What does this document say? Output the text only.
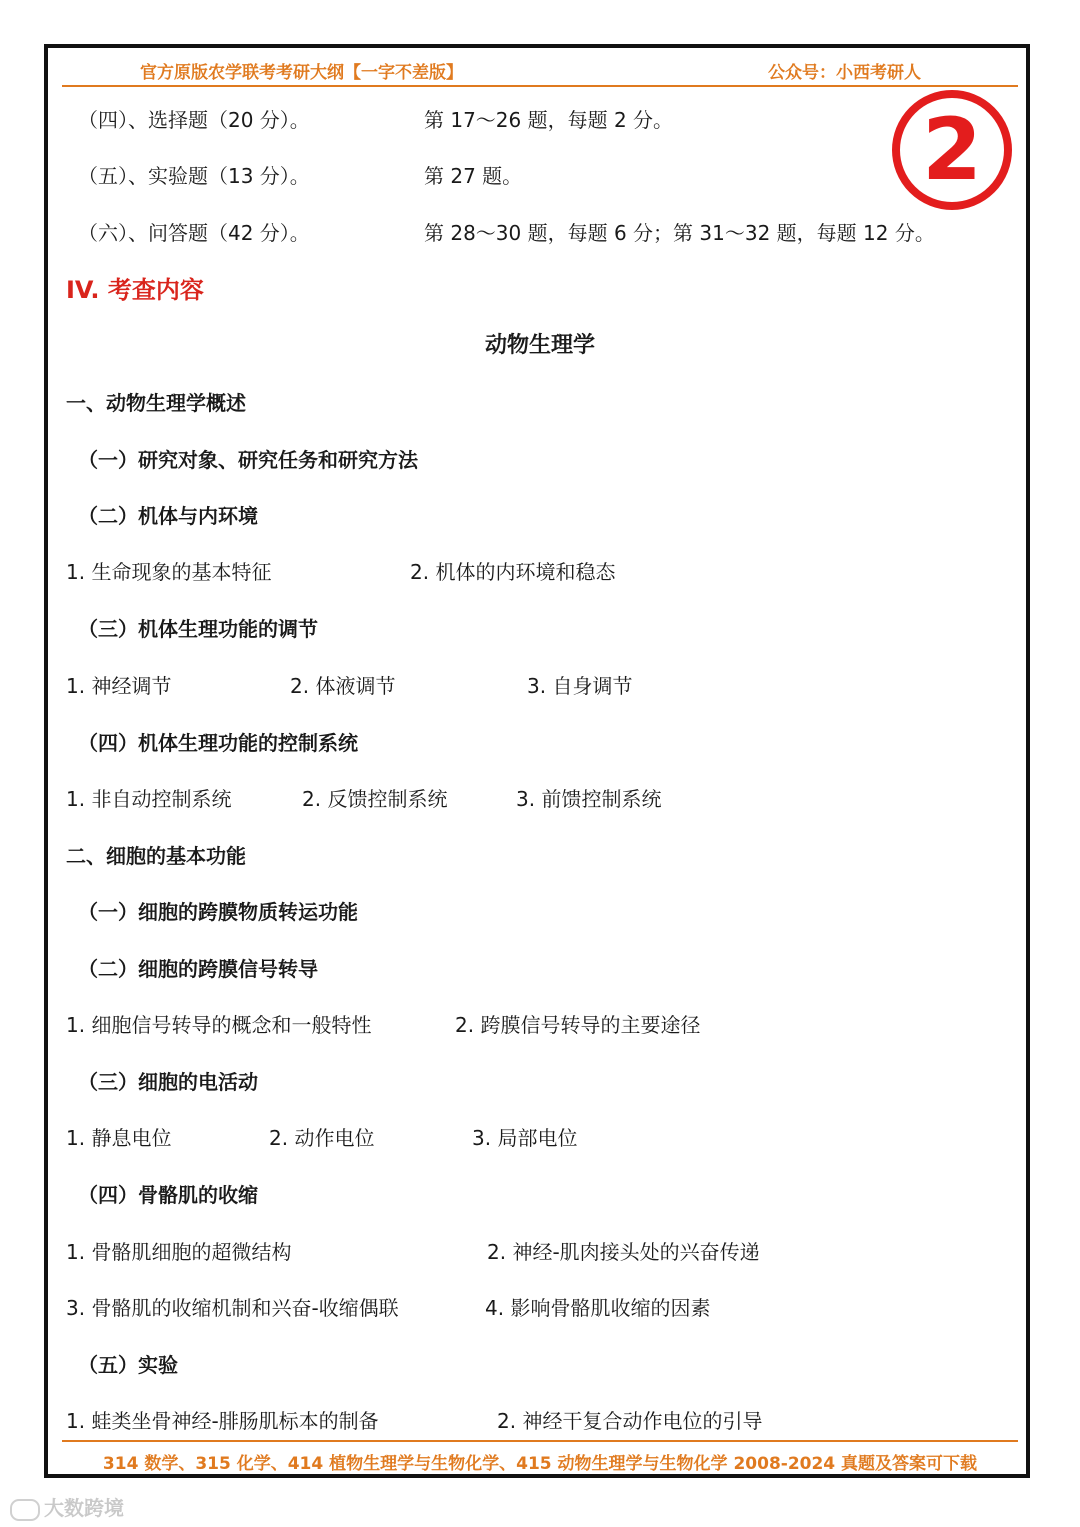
官方原版农学联考考研大纲【一字不差版】	公众号：小西考研人
2
（四）、选择题（20 分）。	第 17～26 题，每题 2 分。
（五）、实验题（13 分）。	第 27 题。
（六）、问答题（42 分）。	第 28～30 题，每题 6 分；第 31～32 题，每题 12 分。
IV. 考查内容
动物生理学
一、动物生理学概述
（一）研究对象、研究任务和研究方法
（二）机体与内环境
1. 生命现象的基本特征	2. 机体的内环境和稳态
（三）机体生理功能的调节
1. 神经调节	2. 体液调节	3. 自身调节
（四）机体生理功能的控制系统
1. 非自动控制系统	2. 反馈控制系统	3. 前馈控制系统
二、细胞的基本功能
（一）细胞的跨膜物质转运功能
（二）细胞的跨膜信号转导
1. 细胞信号转导的概念和一般特性	2. 跨膜信号转导的主要途径
（三）细胞的电活动
1. 静息电位	2. 动作电位	3. 局部电位
（四）骨骼肌的收缩
1. 骨骼肌细胞的超微结构	2. 神经-肌肉接头处的兴奋传递
3. 骨骼肌的收缩机制和兴奋-收缩偶联	4. 影响骨骼肌收缩的因素
（五）实验
1. 蛙类坐骨神经-腓肠肌标本的制备	2. 神经干复合动作电位的引导
314 数学、315 化学、414 植物生理学与生物化学、415 动物生理学与生物化学 2008-2024 真题及答案可下载
大数跨境
